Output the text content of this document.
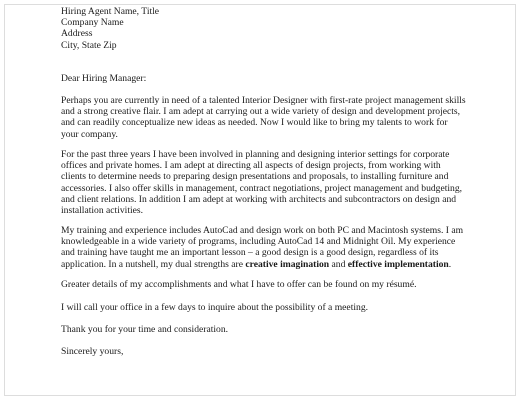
Hiring Agent Name, Title
Company Name
Address
City, State Zip
Dear Hiring Manager:
Perhaps you are currently in need of a talented Interior Designer with first-rate project management skills
and a strong creative flair. I am adept at carrying out a wide variety of design and development projects,
and can readily conceptualize new ideas as needed. Now I would like to bring my talents to work for
your company.
For the past three years I have been involved in planning and designing interior settings for corporate
offices and private homes. I am adept at directing all aspects of design projects, from working with
clients to determine needs to preparing design presentations and proposals, to installing furniture and
accessories. I also offer skills in management, contract negotiations, project management and budgeting,
and client relations. In addition I am adept at working with architects and subcontractors on design and
installation activities.
My training and experience includes AutoCad and design work on both PC and Macintosh systems. I am
knowledgeable in a wide variety of programs, including AutoCad 14 and Midnight Oil. My experience
and training have taught me an important lesson – a good design is a good design, regardless of its
application. In a nutshell, my dual strengths are creative imagination and effective implementation.
Greater details of my accomplishments and what I have to offer can be found on my résumé.
I will call your office in a few days to inquire about the possibility of a meeting.
Thank you for your time and consideration.
Sincerely yours,
